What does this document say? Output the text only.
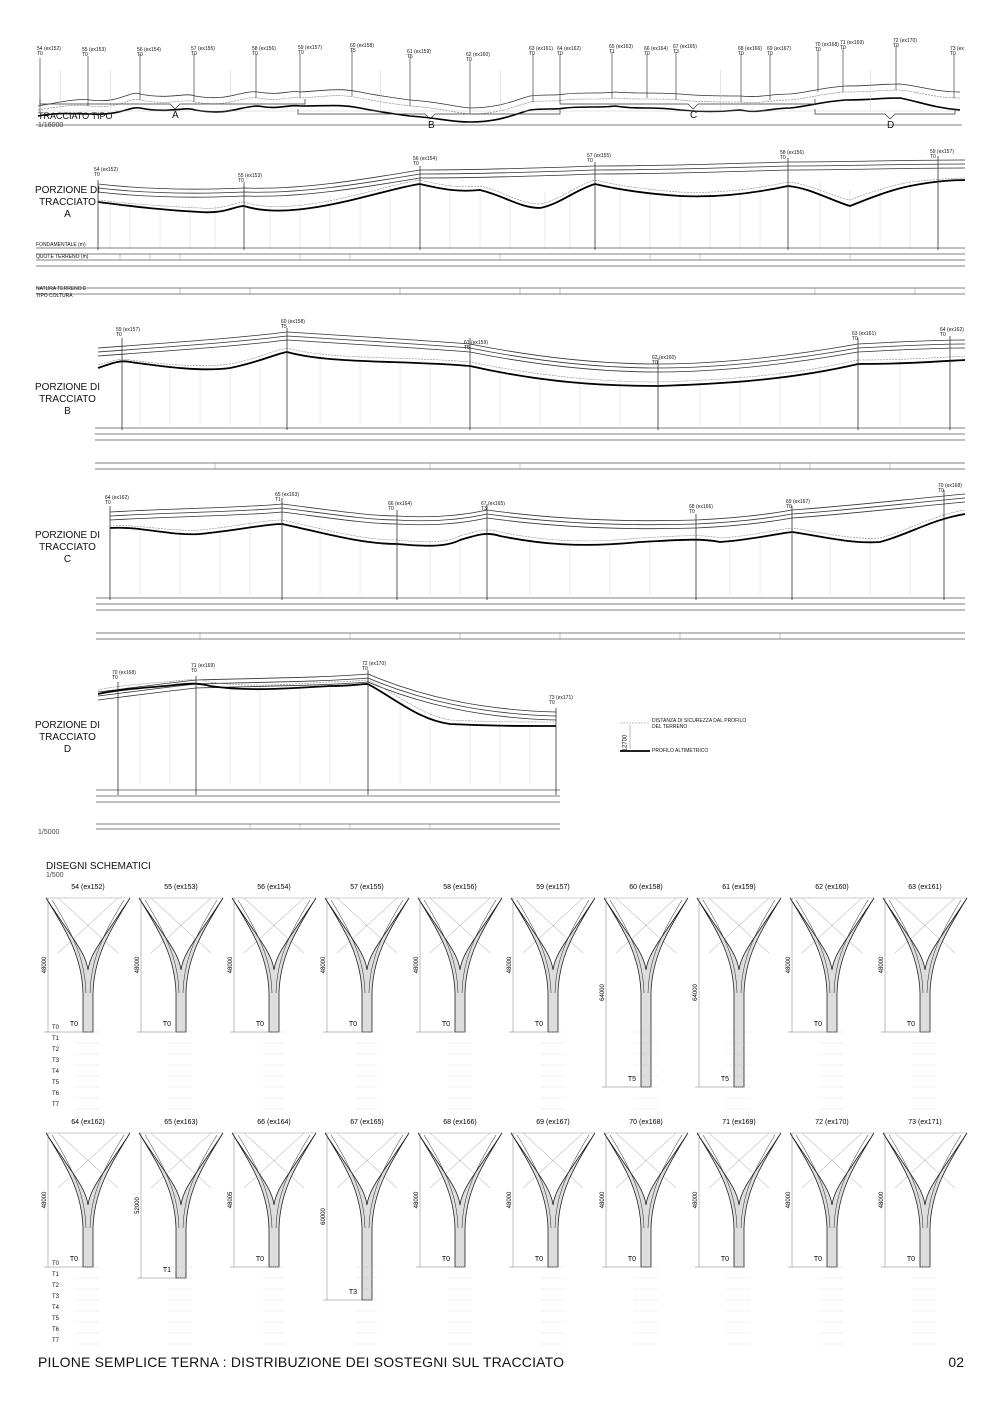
54 (ex152)
T0
55 (ex153)
T0
56 (ex154)
T0
57 (ex155)
T0
58 (ex156)
T0
59 (ex157)
T0
60 (ex158)
T5	61 (ex159)
T5	62 (ex160)
T0
63 (ex161)
T0
64 (ex162)
T0
65 (ex163)
T1	66 (ex164)
T0
67 (ex165)
T3	68 (ex166)
T0
69 (ex167)
T0
70 (ex168)
T0
71 (ex169)
T0
72 (ex170)
T0	73 (ex
T0
A
B
C
D
TRACCIATO TIPO
1/16000
PORZIONE DI TRACCIATO
A
FONDAMENTALE (m)
QUOTE TERRENO (m)
NATURA TERRENO E
TIPO COLTURA
54 (ex152)
T0	55 (ex153)
T0
56 (ex154)
T0
57 (ex155)
T0
58 (ex156)
T0
59 (ex157)
T0
PORZIONE DI TRACCIATO
B
59 (ex157)
T0
60 (ex158)
T5
61 (ex159)
T5
62 (ex160)
T0
63 (ex161)
T0
64 (ex162)
T0
PORZIONE DI TRACCIATO
C
64 (ex162)
T0
65 (ex163)
T1
66 (ex164)
T0
67 (ex165)
T3	68 (ex166)
T0
69 (ex167)
T0
70 (ex168)
T0
PORZIONE DI TRACCIATO
D
70 (ex168)
T0
71 (ex169)
T0
72 (ex170)
T0
73 (ex171)
T0
1/5000
DISTANZA DI SICUREZZA DAL PROFILO DEL TERRENO
PROFILO ALTIMETRICO
12700
DISEGNI SCHEMATICI
1/500
48000
T0
54 (ex152)
48000
T0
55 (ex153)
48000
T0
56 (ex154)
48000
T0
57 (ex155)
48000
T0
58 (ex156)
48000
T0
59 (ex157)
64000
T5
60 (ex158)
64000
T5
61 (ex159)
48000
T0
62 (ex160)
48000
T0
63 (ex161)
48000
T0
64 (ex162)
52000
T1
65 (ex163)
48005
T0
66 (ex164)
60000
T3
67 (ex165)
48000
T0
68 (ex166)
48000
T0
69 (ex167)
48000
T0
70 (ex168)
48000
T0
71 (ex169)
48000
T0
72 (ex170)
48000
T0
73 (ex171)
T0
T1
T2
T3
T4
T5
T6
T7
T0
T1
T2
T3
T4
T5
T6
T7
PILONE SEMPLICE TERNA : DISTRIBUZIONE DEI SOSTEGNI SUL TRACCIATO	02
